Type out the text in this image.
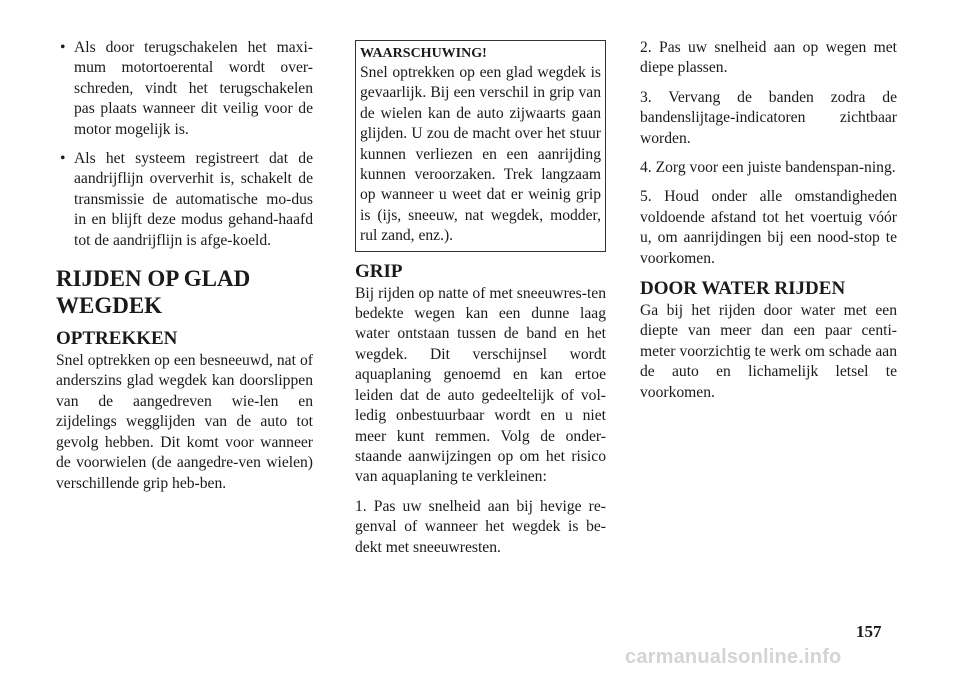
• Als door terugschakelen het maxi-mum motortoerental wordt over-schreden, vindt het terugschakelen pas plaats wanneer dit veilig voor de motor mogelijk is.
• Als het systeem registreert dat de aandrijflijn oververhit is, schakelt de transmissie de automatische mo-dus in en blijft deze modus gehand-haafd tot de aandrijflijn is afge-koeld.
RIJDEN OP GLAD WEGDEK
OPTREKKEN

Snel optrekken op een besneeuwd, nat of anderszins glad wegdek kan doorslippen van de aangedreven wie-len en zijdelings wegglijden van de auto tot gevolg hebben. Dit komt voor wanneer de voorwielen (de aangedre-ven wielen) verschillende grip heb-ben.

WAARSCHUWING!

Snel optrekken op een glad wegdek is gevaarlijk. Bij een verschil in grip van de wielen kan de auto zijwaarts gaan glijden. U zou de macht over het stuur kunnen verliezen en een aanrijding kunnen veroorzaken. Trek langzaam op wanneer u weet dat er weinig grip is (ijs, sneeuw, nat wegdek, modder, rul zand, enz.).

GRIP

Bij rijden op natte of met sneeuwres-ten bedekte wegen kan een dunne laag water ontstaan tussen de band en het wegdek. Dit verschijnsel wordt aquaplaning genoemd en kan ertoe leiden dat de auto gedeeltelijk of vol-ledig onbestuurbaar wordt en u niet meer kunt remmen. Volg de onder-staande aanwijzingen op om het risico van aquaplaning te verkleinen:

1. Pas uw snelheid aan bij hevige re-genval of wanneer het wegdek is be-dekt met sneeuwresten.

2. Pas uw snelheid aan op wegen met diepe plassen.

3. Vervang de banden zodra de bandenslijtage-indicatoren zichtbaar worden.

4. Zorg voor een juiste bandenspan-ning.

5. Houd onder alle omstandigheden voldoende afstand tot het voertuig vóór u, om aanrijdingen bij een nood-stop te voorkomen.

DOOR WATER RIJDEN

Ga bij het rijden door water met een diepte van meer dan een paar centi-meter voorzichtig te werk om schade aan de auto en lichamelijk letsel te voorkomen.

157
carmanualsonline.info
